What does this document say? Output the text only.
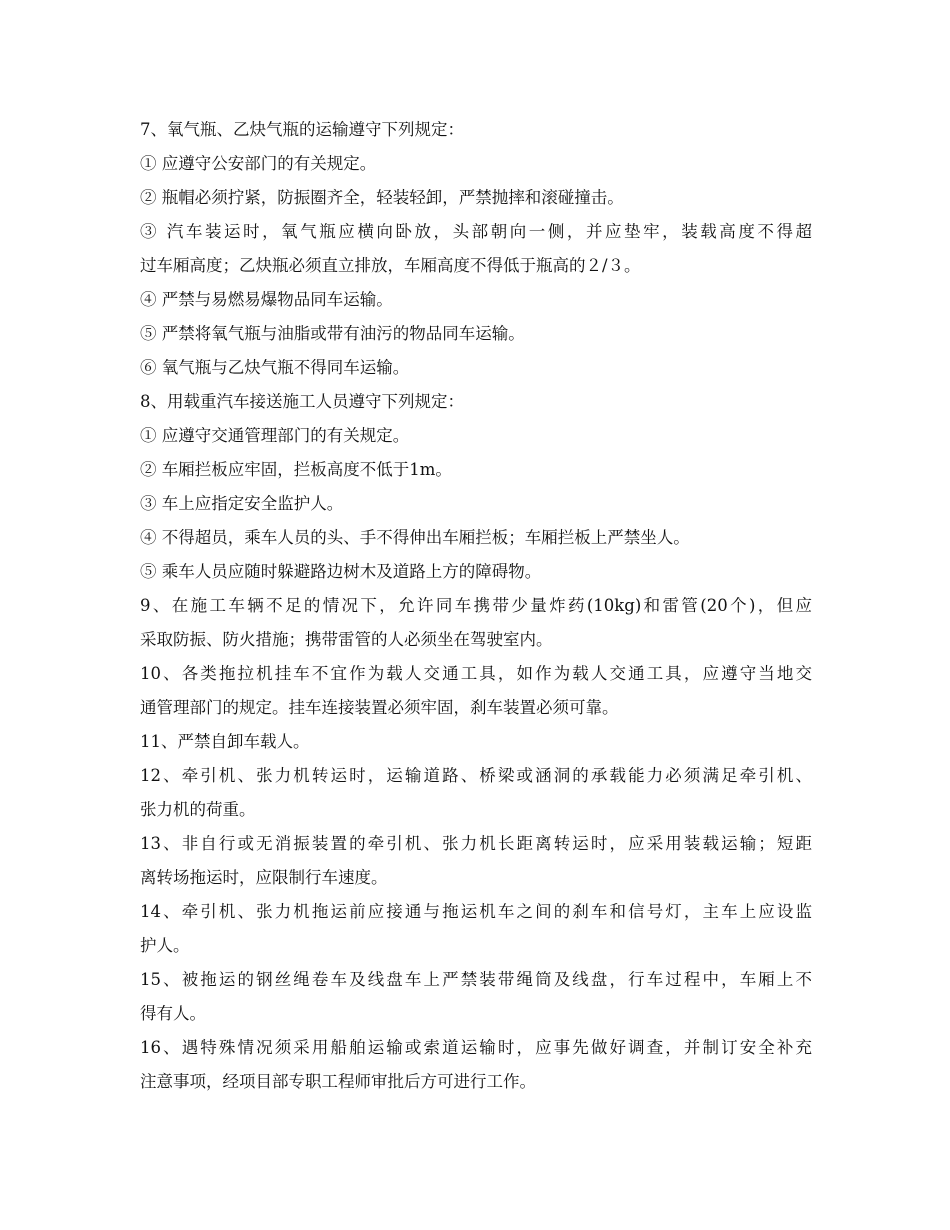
7、氧气瓶、乙炔气瓶的运输遵守下列规定：
① 应遵守公安部门的有关规定。
② 瓶帽必须拧紧，防振圈齐全，轻装轻卸，严禁抛摔和滚碰撞击。
③ 汽车装运时，氧气瓶应横向卧放，头部朝向一侧，并应垫牢，装载高度不得超
过车厢高度；乙炔瓶必须直立排放，车厢高度不得低于瓶高的２/３。
④ 严禁与易燃易爆物品同车运输。
⑤ 严禁将氧气瓶与油脂或带有油污的物品同车运输。
⑥ 氧气瓶与乙炔气瓶不得同车运输。
8、用载重汽车接送施工人员遵守下列规定：
① 应遵守交通管理部门的有关规定。
② 车厢拦板应牢固，拦板高度不低于1m。
③ 车上应指定安全监护人。
④ 不得超员，乘车人员的头、手不得伸出车厢拦板；车厢拦板上严禁坐人。
⑤ 乘车人员应随时躲避路边树木及道路上方的障碍物。
9、在施工车辆不足的情况下，允许同车携带少量炸药(10kg)和雷管(20个)，但应
采取防振、防火措施；携带雷管的人必须坐在驾驶室内。
10、各类拖拉机挂车不宜作为载人交通工具，如作为载人交通工具，应遵守当地交
通管理部门的规定。挂车连接装置必须牢固，刹车装置必须可靠。
11、严禁自卸车载人。
12、牵引机、张力机转运时，运输道路、桥梁或涵洞的承载能力必须满足牵引机、
张力机的荷重。
13、非自行或无消振装置的牵引机、张力机长距离转运时，应采用装载运输；短距
离转场拖运时，应限制行车速度。
14、牵引机、张力机拖运前应接通与拖运机车之间的刹车和信号灯，主车上应设监
护人。
15、被拖运的钢丝绳卷车及线盘车上严禁装带绳筒及线盘，行车过程中，车厢上不
得有人。
16、遇特殊情况须采用船舶运输或索道运输时，应事先做好调查，并制订安全补充
注意事项，经项目部专职工程师审批后方可进行工作。
